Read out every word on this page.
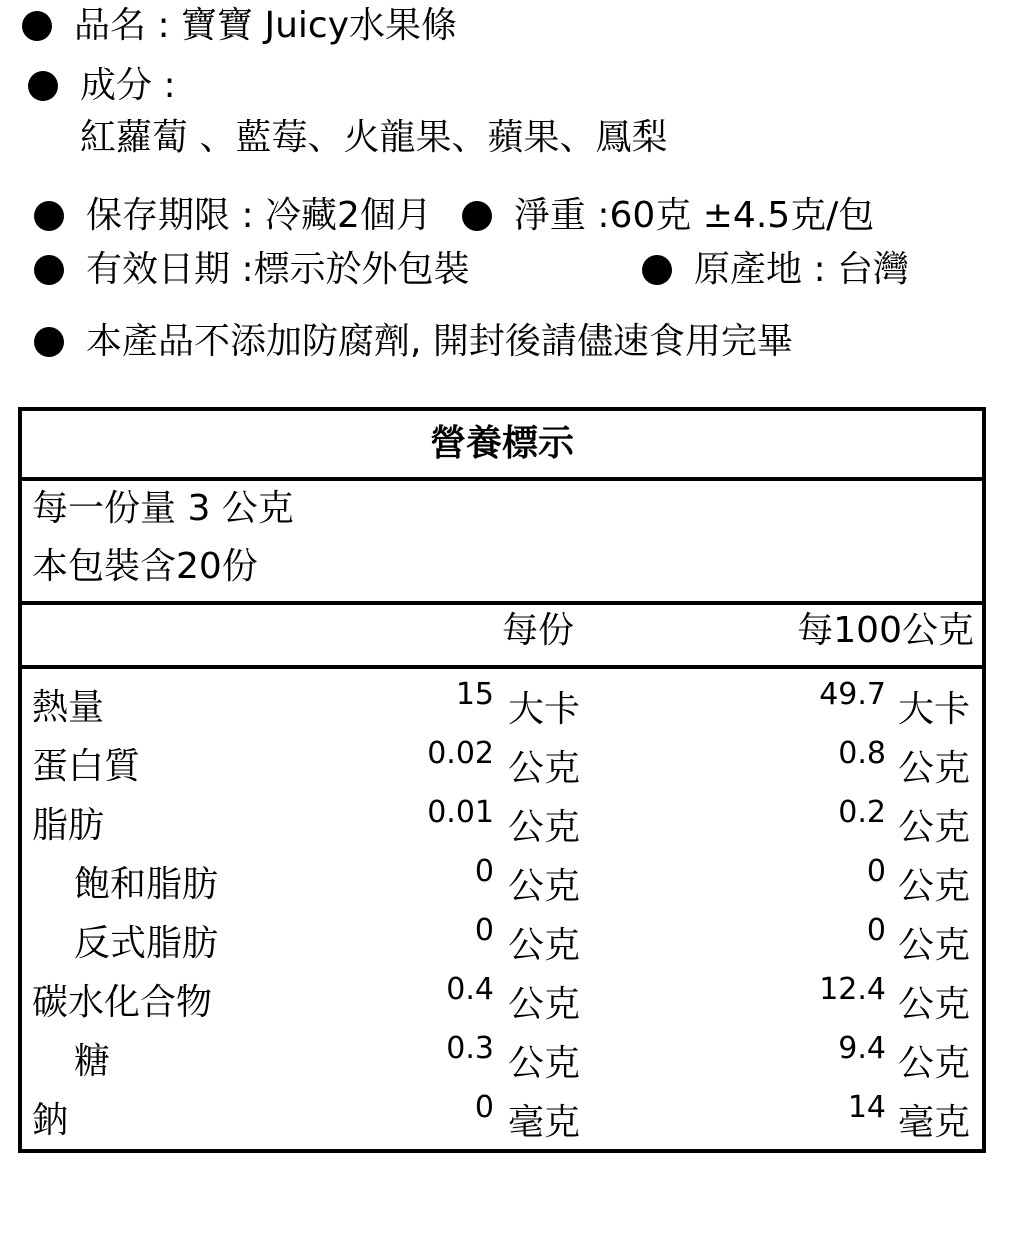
品名 : 寶寶 Juicy水果條
成分 :
紅蘿蔔 、藍莓、火龍果、蘋果、鳳梨
保存期限 : 冷藏2個月 淨重 :60克 ±4.5克/包
有效日期 :標示於外包裝	原產地 : 台灣
本產品不添加防腐劑, 開封後請儘速食用完畢
營養標示
每一份量 3 公克
本包裝含20份
每份	每100公克
熱量	15 大卡	49.7 大卡
蛋白質	0.02 公克	0.8 公克
脂肪	0.01 公克	0.2 公克
飽和脂肪	0 公克	0 公克
反式脂肪	0 公克	0 公克
碳水化合物	0.4 公克	12.4 公克
糖	0.3 公克	9.4 公克
鈉	0 毫克	14 毫克
